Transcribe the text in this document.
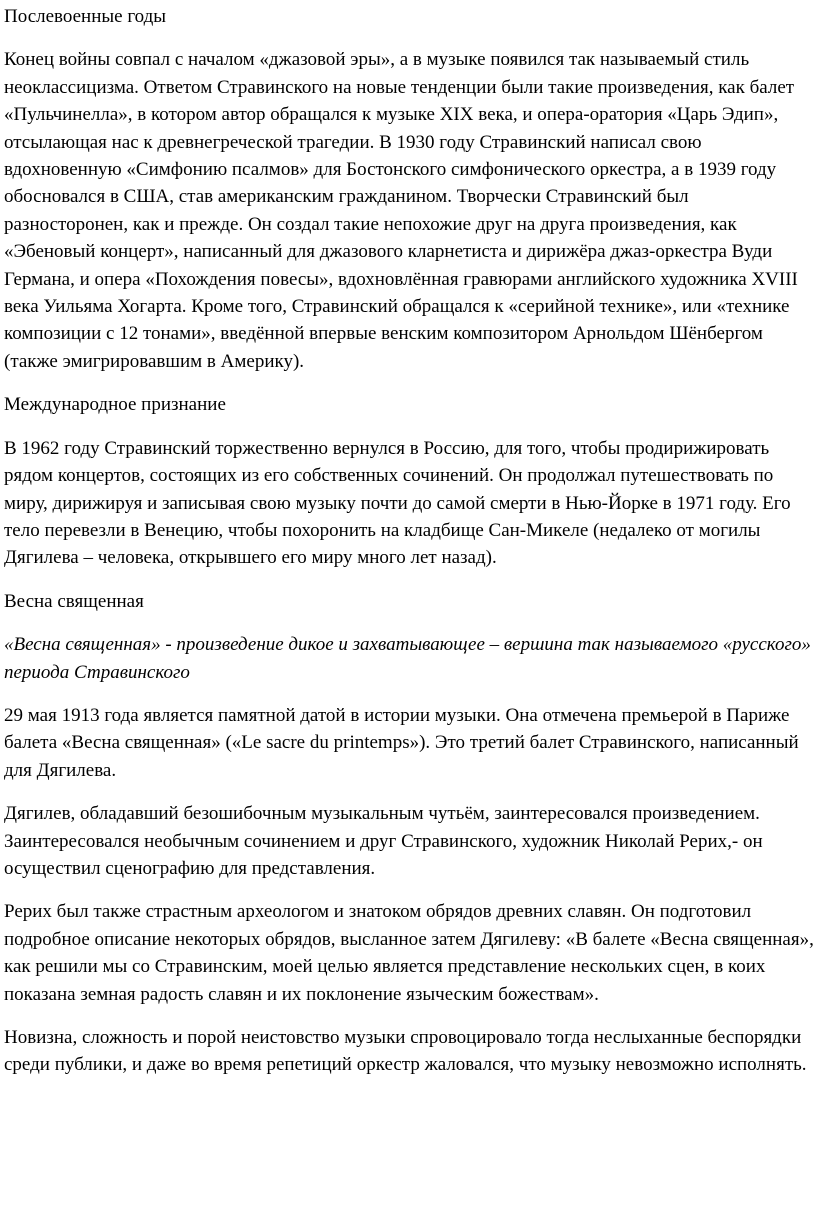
Послевоенные годы

Конец войны совпал с началом «джазовой эры», а в музыке появился так называемый стиль неоклассицизма. Ответом Стравинского на новые тенденции были такие произведения, как балет «Пульчинелла», в котором автор обращался к музыке XIX века, и опера-оратория «Царь Эдип», отсылающая нас к древнегреческой трагедии. В 1930 году Стравинский написал свою вдохновенную «Симфонию псалмов» для Бостонского симфонического оркестра, а в 1939 году обосновался в США, став американским гражданином. Творчески Стравинский был разносторонен, как и прежде. Он создал такие непохожие друг на друга произведения, как «Эбеновый концерт», написанный для джазового кларнетиста и дирижёра джаз-оркестра Вуди Германа, и опера «Похождения повесы», вдохновлённая гравюрами английского художника XVIII века Уильяма Хогарта. Кроме того, Стравинский обращался к «серийной технике», или «технике композиции с 12 тонами», введённой впервые венским композитором Арнольдом Шёнбергом (также эмигрировавшим в Америку).

Международное признание

В 1962 году Стравинский торжественно вернулся в Россию, для того, чтобы продирижировать рядом концертов, состоящих из его собственных сочинений. Он продолжал путешествовать по миру, дирижируя и записывая свою музыку почти до самой смерти в Нью-Йорке в 1971 году. Его тело перевезли в Венецию, чтобы похоронить на кладбище Сан-Микеле (недалеко от могилы Дягилева – человека, открывшего его миру много лет назад).

Весна священная

«Весна священная» - произведение дикое и захватывающее – вершина так называемого «русского» периода Стравинского

29 мая 1913 года является памятной датой в истории музыки. Она отмечена премьерой в Париже балета «Весна священная» («Le sacre du printemps»). Это третий балет Стравинского, написанный для Дягилева.

Дягилев, обладавший безошибочным музыкальным чутьём, заинтересовался произведением. Заинтересовался необычным сочинением и друг Стравинского, художник Николай Рерих,- он осуществил сценографию для представления.

Рерих был также страстным археологом и знатоком обрядов древних славян. Он подготовил подробное описание некоторых обрядов, высланное затем Дягилеву: «В балете «Весна священная», как решили мы со Стравинским, моей целью является представление нескольких сцен, в коих показана земная радость славян и их поклонение языческим божествам».

Новизна, сложность и порой неистовство музыки спровоцировало тогда неслыханные беспорядки среди публики, и даже во время репетиций оркестр жаловался, что музыку невозможно исполнять.
